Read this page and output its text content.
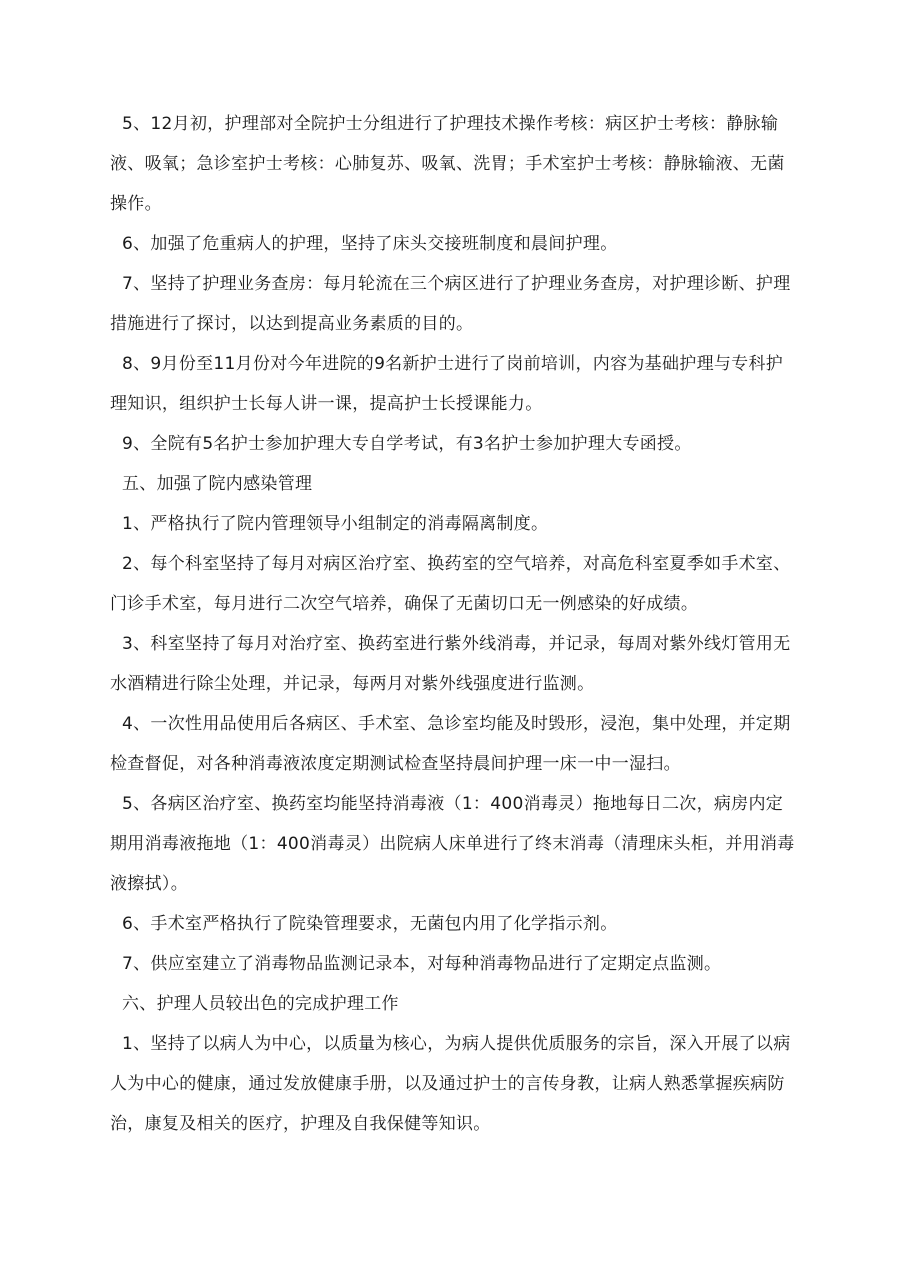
5、12月初，护理部对全院护士分组进行了护理技术操作考核：病区护士考核：静脉输液、吸氧；急诊室护士考核：心肺复苏、吸氧、洗胃；手术室护士考核：静脉输液、无菌操作。

6、加强了危重病人的护理，坚持了床头交接班制度和晨间护理。

7、坚持了护理业务查房：每月轮流在三个病区进行了护理业务查房，对护理诊断、护理措施进行了探讨，以达到提高业务素质的目的。

8、9月份至11月份对今年进院的9名新护士进行了岗前培训，内容为基础护理与专科护理知识，组织护士长每人讲一课，提高护士长授课能力。

9、全院有5名护士参加护理大专自学考试，有3名护士参加护理大专函授。

五、加强了院内感染管理

1、严格执行了院内管理领导小组制定的消毒隔离制度。

2、每个科室坚持了每月对病区治疗室、换药室的空气培养，对高危科室夏季如手术室、门诊手术室，每月进行二次空气培养，确保了无菌切口无一例感染的好成绩。

3、科室坚持了每月对治疗室、换药室进行紫外线消毒，并记录，每周对紫外线灯管用无水酒精进行除尘处理，并记录，每两月对紫外线强度进行监测。

4、一次性用品使用后各病区、手术室、急诊室均能及时毁形，浸泡，集中处理，并定期检查督促，对各种消毒液浓度定期测试检查坚持晨间护理一床一中一湿扫。

5、各病区治疗室、换药室均能坚持消毒液（1：400消毒灵）拖地每日二次，病房内定期用消毒液拖地（1：400消毒灵）出院病人床单进行了终末消毒（清理床头柜，并用消毒液擦拭）。

6、手术室严格执行了院染管理要求，无菌包内用了化学指示剂。

7、供应室建立了消毒物品监测记录本，对每种消毒物品进行了定期定点监测。

六、护理人员较出色的完成护理工作

1、坚持了以病人为中心，以质量为核心，为病人提供优质服务的宗旨，深入开展了以病人为中心的健康，通过发放健康手册，以及通过护士的言传身教，让病人熟悉掌握疾病防治，康复及相关的医疗，护理及自我保健等知识。
